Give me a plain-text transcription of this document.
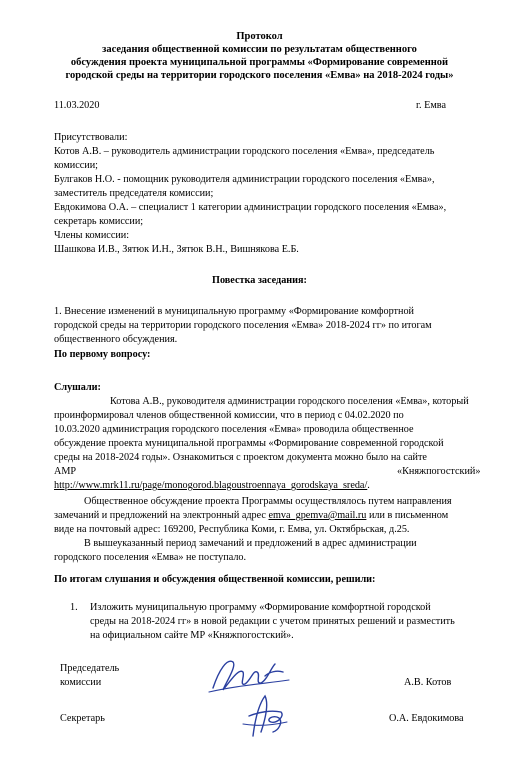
Протокол
заседания общественной комиссии по результатам общественного
обсуждения проекта муниципальной программы «Формирование современной
городской среды на территории городского поселения «Емва» на 2018-2024 годы»
11.03.2020	г. Емва
Присутствовали:
Котов А.В. – руководитель администрации городского поселения «Емва», председатель
комиссии;
Булгаков Н.О. - помощник руководителя администрации городского поселения «Емва»,
заместитель председателя комиссии;
Евдокимова О.А. – специалист 1 категории администрации городского поселения «Емва»,
секретарь комиссии;
Члены комиссии:
Шашкова И.В., Зятюк И.Н., Зятюк В.Н., Вишнякова Е.Б.
Повестка заседания:
1. Внесение изменений в муниципальную программу «Формирование комфортной
городской среды на территории городского поселения «Емва» 2018-2024 гг» по итогам
общественного обсуждения.
По первому вопросу:
Слушали:
Котова А.В., руководителя администрации городского поселения «Емва», который
проинформировал членов общественной комиссии, что в период с 04.02.2020 по
10.03.2020 администрация городского поселения «Емва» проводила общественное
обсуждение проекта муниципальной программы «Формирование современной городской
среды на 2018-2024 годы». Ознакомиться с проектом документа можно было на сайте
АМР	«Княжпогостский»
http://www.mrk11.ru/page/monogorod.blagoustroennaya_gorodskaya_sreda/.
Общественное обсуждение проекта Программы осуществлялось путем направления
замечаний и предложений на электронный адрес emva_gpemva@mail.ru или в письменном
виде на почтовый адрес: 169200, Республика Коми, г. Емва, ул. Октябрьская, д.25.
В вышеуказанный период замечаний и предложений в адрес администрации
городского поселения «Емва» не поступало.
По итогам слушания и обсуждения общественной комиссии, решили:
1. Изложить муниципальную программу «Формирование комфортной городской
среды на 2018-2024 гг» в новой редакции с учетом принятых решений и разместить
на официальном сайте МР «Княжпогостский».
Председатель
комиссии	А.В. Котов
Секретарь	О.А. Евдокимова
